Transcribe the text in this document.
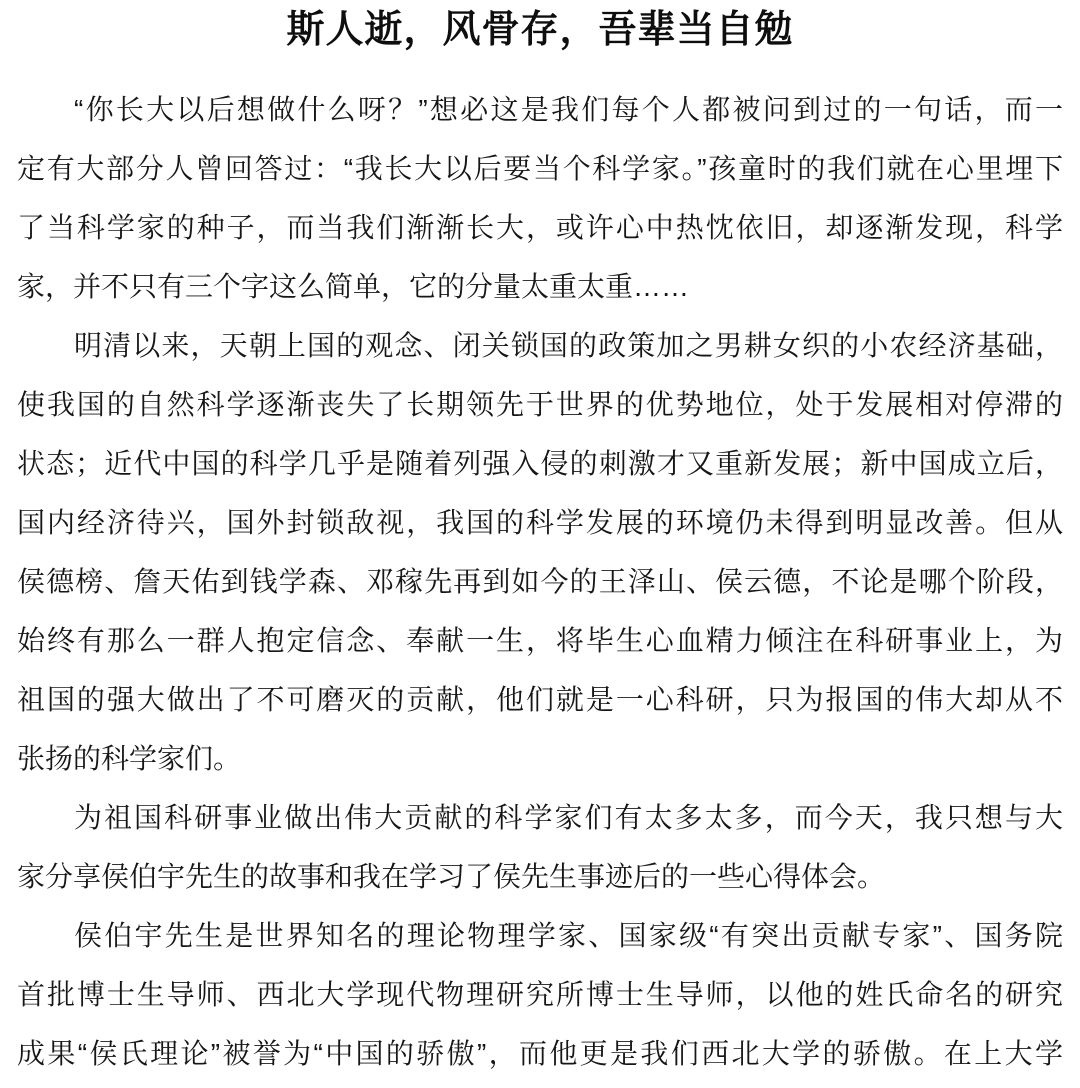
斯人逝，风骨存，吾辈当自勉
“你长大以后想做什么呀？”想必这是我们每个人都被问到过的一句话，而一
定有大部分人曾回答过：“我长大以后要当个科学家。”孩童时的我们就在心里埋下
了当科学家的种子，而当我们渐渐长大，或许心中热忱依旧，却逐渐发现，科学
家，并不只有三个字这么简单，它的分量太重太重……
明清以来，天朝上国的观念、闭关锁国的政策加之男耕女织的小农经济基础，
使我国的自然科学逐渐丧失了长期领先于世界的优势地位，处于发展相对停滞的
状态；近代中国的科学几乎是随着列强入侵的刺激才又重新发展；新中国成立后，
国内经济待兴，国外封锁敌视，我国的科学发展的环境仍未得到明显改善。但从
侯德榜、詹天佑到钱学森、邓稼先再到如今的王泽山、侯云德，不论是哪个阶段，
始终有那么一群人抱定信念、奉献一生，将毕生心血精力倾注在科研事业上，为
祖国的强大做出了不可磨灭的贡献，他们就是一心科研，只为报国的伟大却从不
张扬的科学家们。
为祖国科研事业做出伟大贡献的科学家们有太多太多，而今天，我只想与大
家分享侯伯宇先生的故事和我在学习了侯先生事迹后的一些心得体会。
侯伯宇先生是世界知名的理论物理学家、国家级“有突出贡献专家”、国务院
首批博士生导师、西北大学现代物理研究所博士生导师，以他的姓氏命名的研究
成果“侯氏理论”被誉为“中国的骄傲”，而他更是我们西北大学的骄傲。在上大学
